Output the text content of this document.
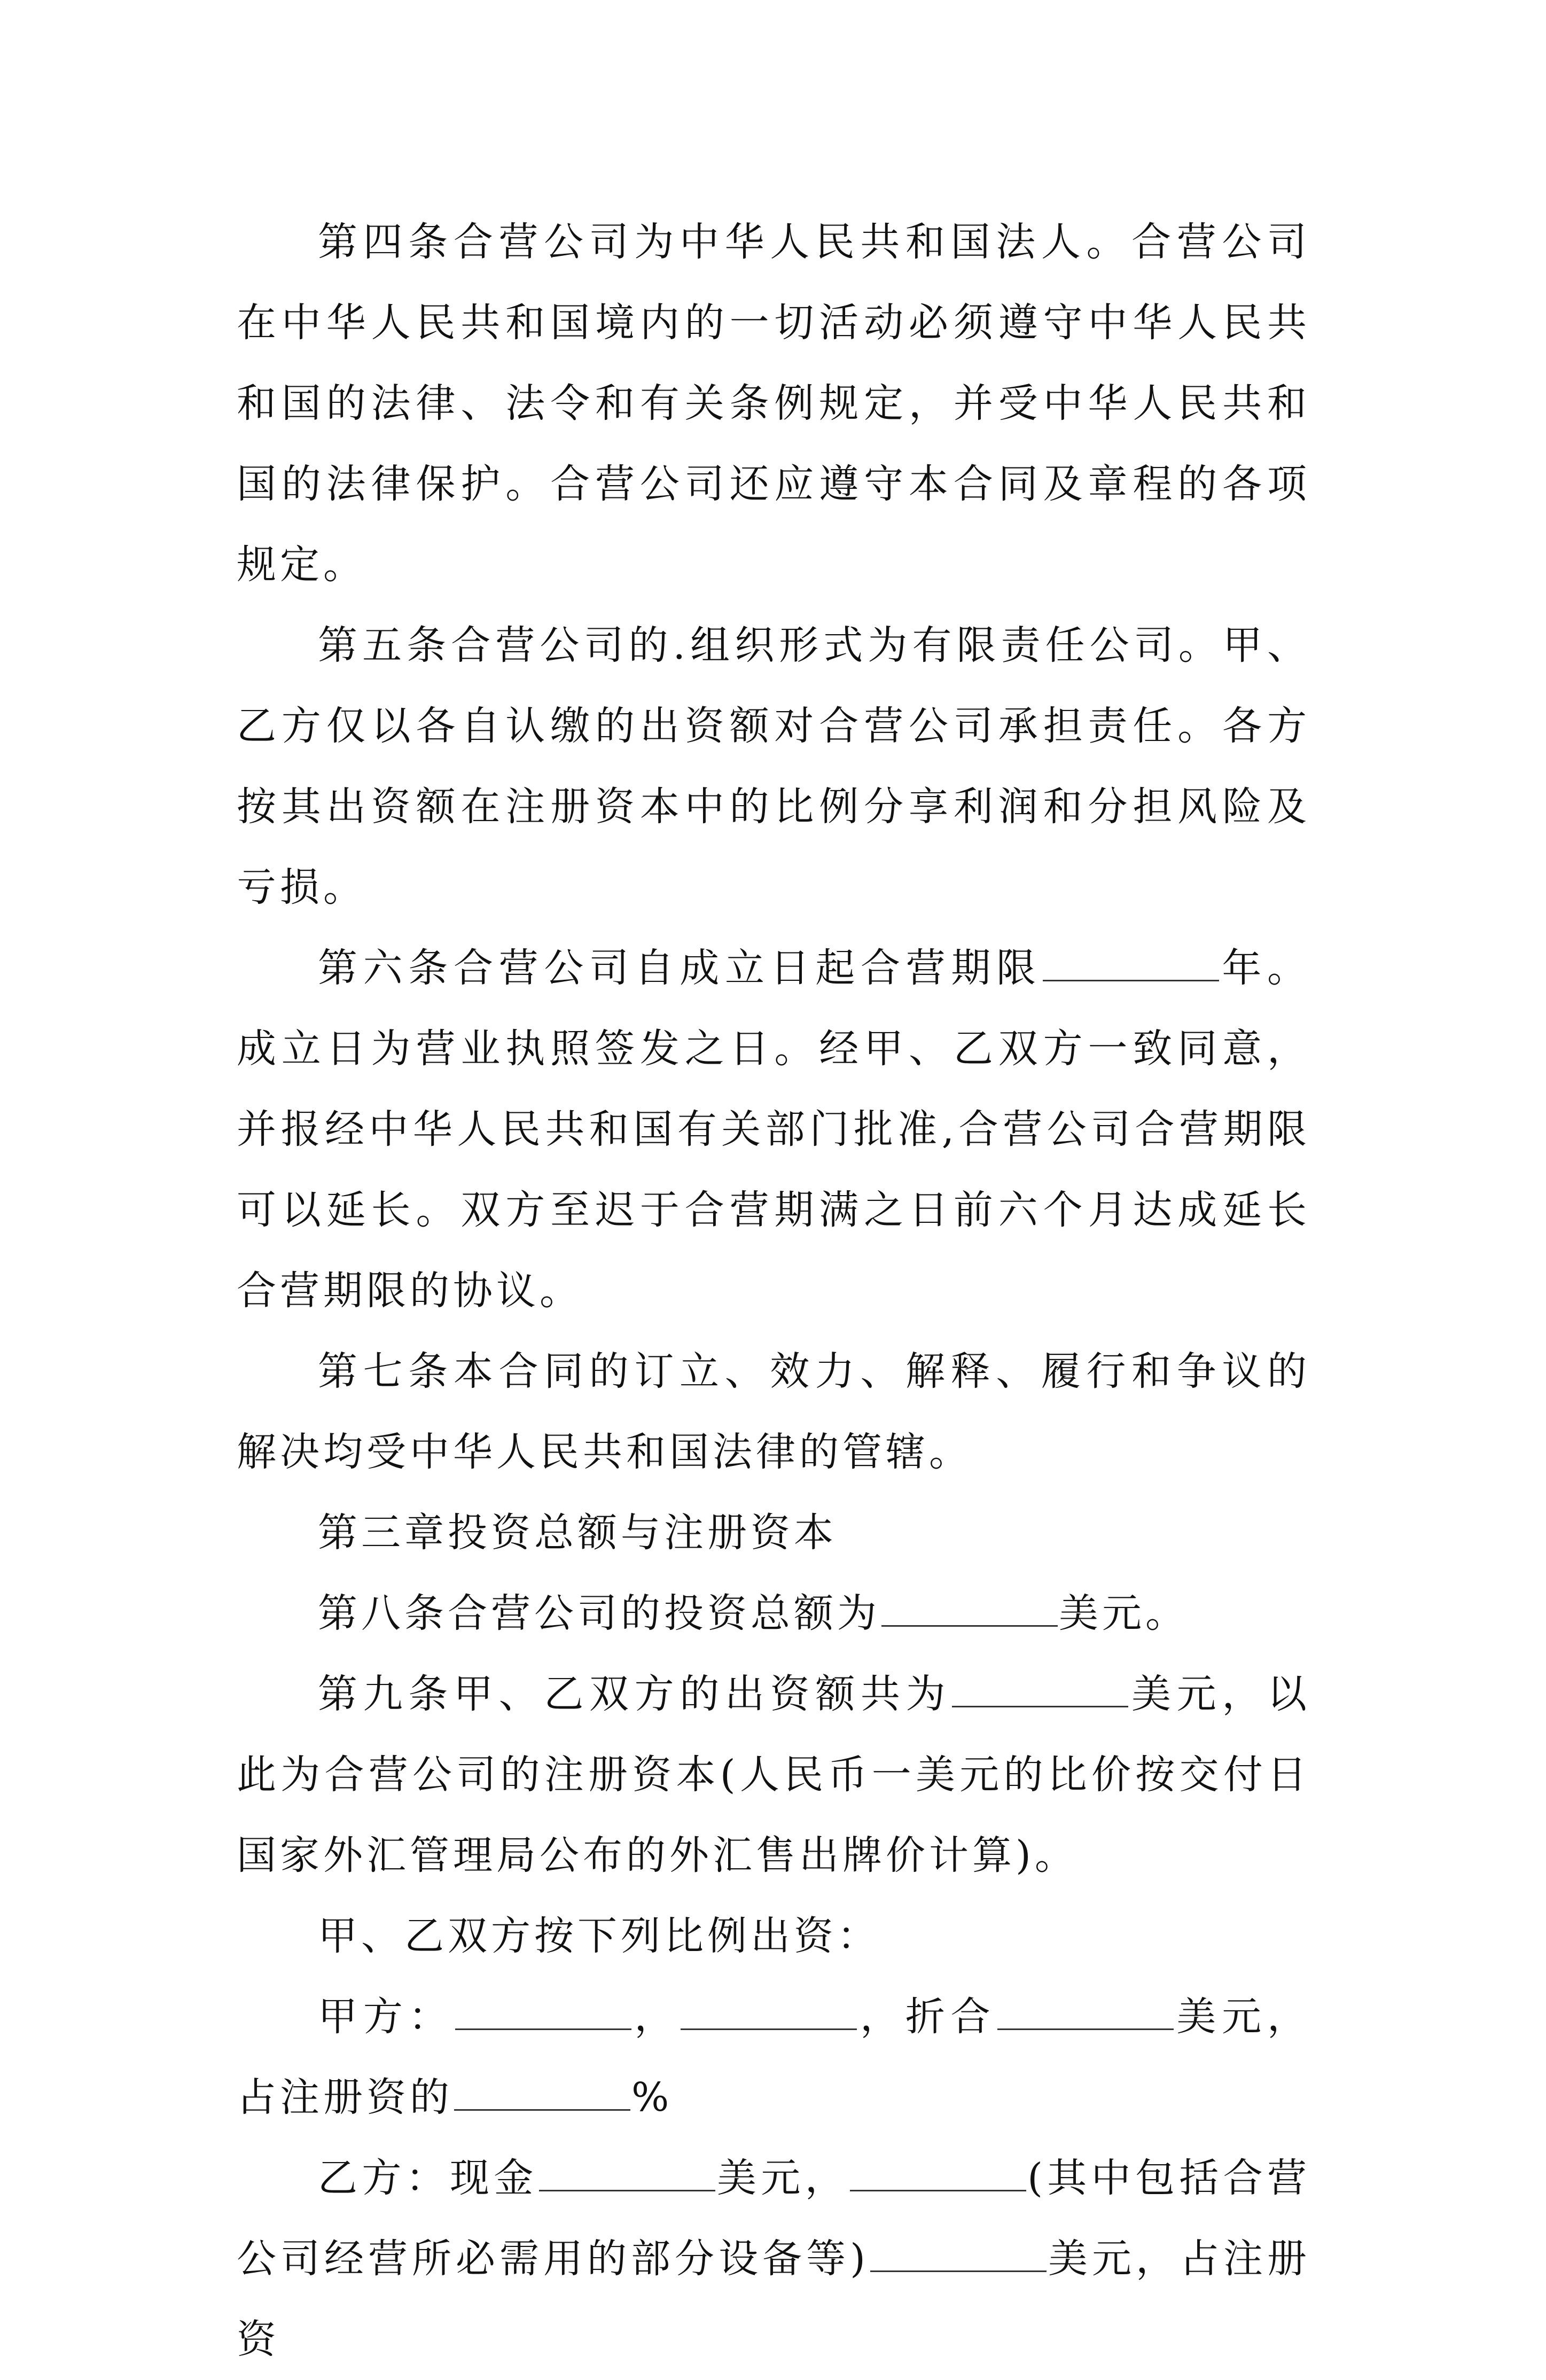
第四条合营公司为中华人民共和国法人。合营公司在中华人民共和国境内的一切活动必须遵守中华人民共和国的法律、法令和有关条例规定，并受中华人民共和国的法律保护。合营公司还应遵守本合同及章程的各项规定。

第五条合营公司的.组织形式为有限责任公司。甲、乙方仅以各自认缴的出资额对合营公司承担责任。各方按其出资额在注册资本中的比例分享利润和分担风险及亏损。

第六条合营公司自成立日起合营期限	年。成立日为营业执照签发之日。经甲、乙双方一致同意，并报经中华人民共和国有关部门批准,合营公司合营期限可以延长。双方至迟于合营期满之日前六个月达成延长合营期限的协议。

第七条本合同的订立、效力、解释、履行和争议的解决均受中华人民共和国法律的管辖。

第三章投资总额与注册资本

第八条合营公司的投资总额为	美元。

第九条甲、乙双方的出资额共为	美元，以此为合营公司的注册资本(人民币一美元的比价按交付日国家外汇管理局公布的外汇售出牌价计算)。

甲、乙双方按下列比例出资：

甲方：	，	，折合	美元，占注册资的	%

乙方：现金	美元，	(其中包括合营公司经营所必需用的部分设备等)	美元，占注册资
